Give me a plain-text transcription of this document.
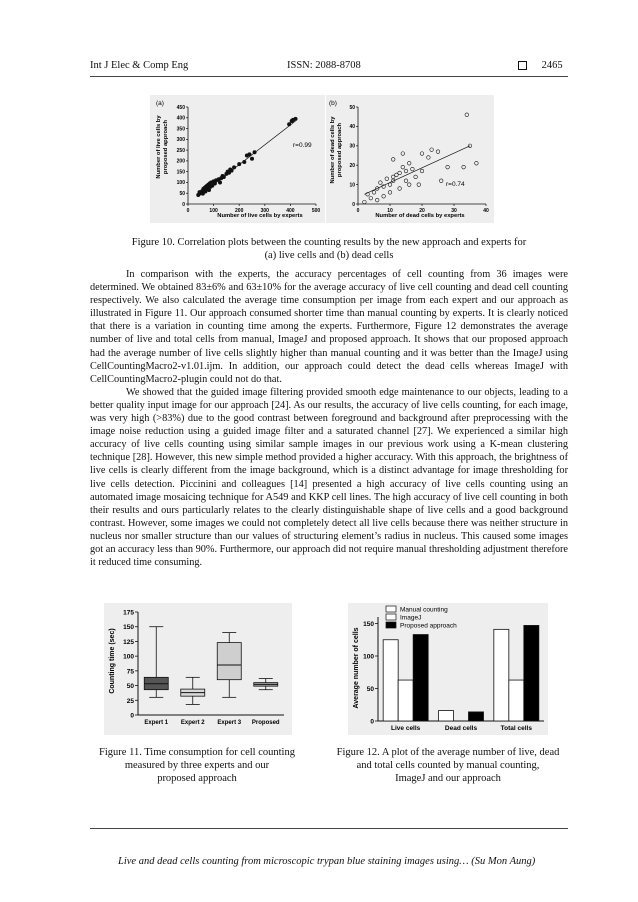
Int J Elec & Comp Eng	ISSN: 2088-8708	2465
(a)
Number of live cells by proposed approach
Number of live cells by experts
r=0.99
0	100	200	300	400	500
0
50
100
150
200
250
300
350
400
450
(b)
Number of dead cells by proposed approach
Number of dead cells by experts
r=0.74
0	10	20	30	40
0
10
20
30
40
50
Figure 10. Correlation plots between the counting results by the new approach and experts for
(a) live cells and (b) dead cells

In comparison with the experts, the accuracy percentages of cell counting from 36 images were determined. We obtained 83±6% and 63±10% for the average accuracy of live cell counting and dead cell counting respectively. We also calculated the average time consumption per image from each expert and our approach as illustrated in Figure 11. Our approach consumed shorter time than manual counting by experts. It is clearly noticed that there is a variation in counting time among the experts. Furthermore, Figure 12 demonstrates the average number of live and total cells from manual, ImageJ and proposed approach. It shows that our proposed approach had the average number of live cells slightly higher than manual counting and it was better than the ImageJ using CellCountingMacro2-v1.01.ijm. In addition, our approach could detect the dead cells whereas ImageJ with CellCountingMacro2-plugin could not do that.

We showed that the guided image filtering provided smooth edge maintenance to our objects, leading to a better quality input image for our approach [24]. As our results, the accuracy of live cells counting, for each image, was very high (>83%) due to the good contrast between foreground and background after preprocessing with the image noise reduction using a guided image filter and a saturated channel [27]. We experienced a similar high accuracy of live cells counting using similar sample images in our previous work using a K-mean clustering technique [28]. However, this new simple method provided a higher accuracy. With this approach, the brightness of live cells is clearly different from the image background, which is a distinct advantage for image thresholding for live cells detection. Piccinini and colleagues [14] presented a high accuracy of live cells counting using an automated image mosaicing technique for A549 and KKP cell lines. The high accuracy of live cell counting in both their results and ours particularly relates to the clearly distinguishable shape of live cells and a good background contrast. However, some images we could not completely detect all live cells because there was neither structure in nucleus nor smaller structure than our values of structuring element’s radius in nucleus. This caused some images got an accuracy less than 90%. Furthermore, our approach did not require manual thresholding adjustment therefore it reduced time consuming.

Counting time (sec)
0
25
50
75
100
125
150
175
Expert 1 Expert 2 Expert 3 Proposed
Figure 11. Time consumption for cell counting
measured by three experts and our
proposed approach
Average number of cells
0
50
100
150
Live cells	Dead cells	Total cells
Manual counting
ImageJ
Proposed approach
Figure 12. A plot of the average number of live, dead
and total cells counted by manual counting,
ImageJ and our approach
Live and dead cells counting from microscopic trypan blue staining images using… (Su Mon Aung)
